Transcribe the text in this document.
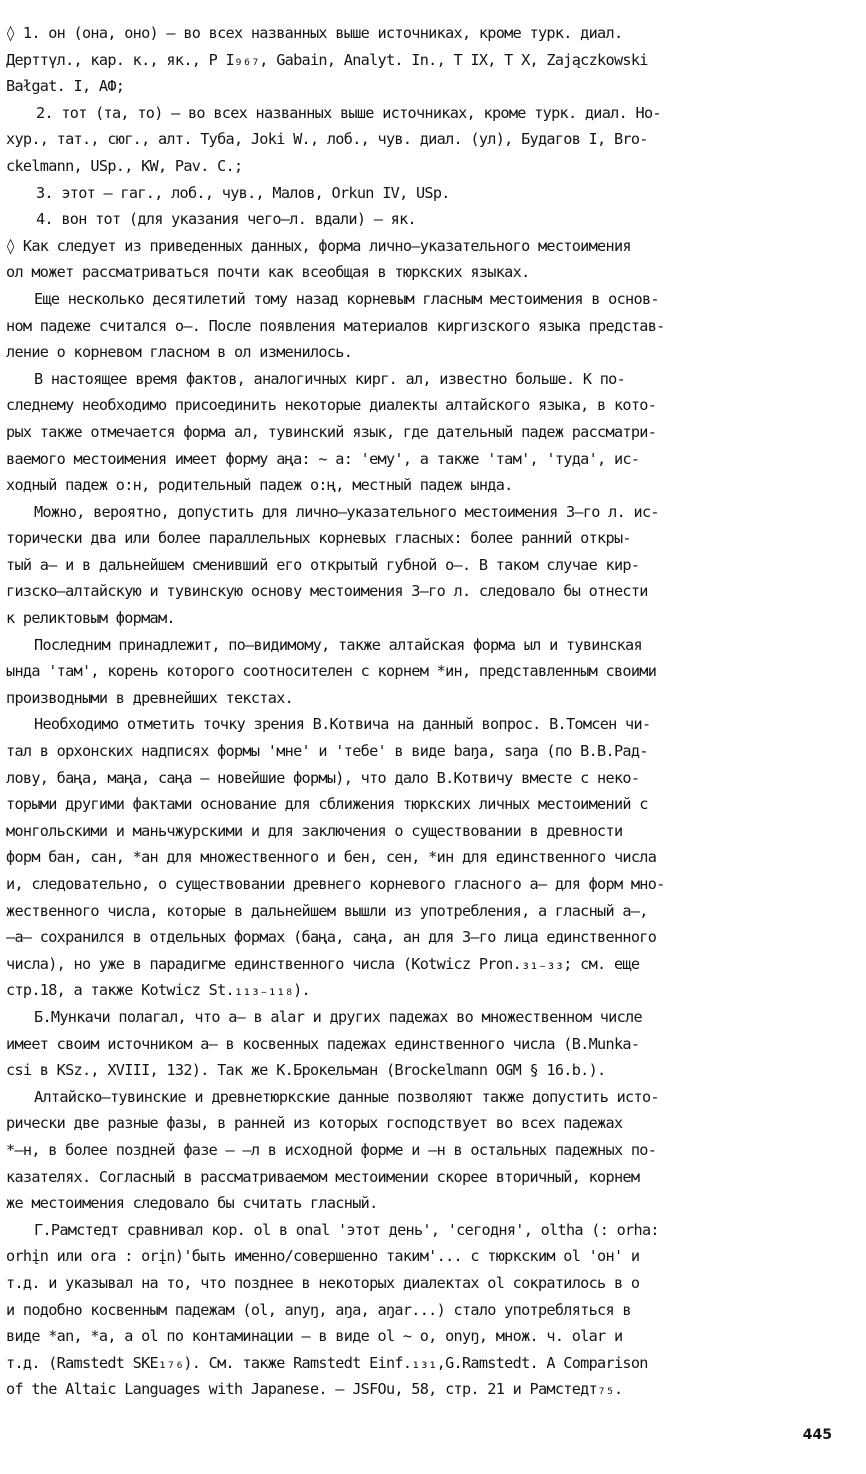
◊ 1. он (она, оно) – во всех названных выше источниках, кроме турк. диал.
Дерттүл., кар. к., як., Р I₉₆₇, Gabain, Analyt. In., Т IX, Т X, Zajączkowski
Bałgat. I, АФ;
2. тот (та, то) – во всех названных выше источниках, кроме турк. диал. Но-
хур., тат., сюг., алт. Туба, Joki W., лоб., чув. диал. (ул), Будагов I, Bro-
ckelmann, USp., KW, Pav. C.;
3. этот – гаг., лоб., чув., Малов, Orkun IV, USp.
4. вон тот (для указания чего–л. вдали) – як.
◊ Как следует из приведенных данных, форма лично–указательного местоимения
ол может рассматриваться почти как всеобщая в тюркских языках.
Еще несколько десятилетий тому назад корневым гласным местоимения в основ-
ном падеже считался о–. После появления материалов киргизского языка представ-
ление о корневом гласном в ол изменилось.
В настоящее время фактов, аналогичных кирг. ал, известно больше. К по-
следнему необходимо присоединить некоторые диалекты алтайского языка, в кото-
рых также отмечается форма ал, тувинский язык, где дательный падеж рассматри-
ваемого местоимения имеет форму аңа: ~ а: 'ему', а также 'там', 'туда', ис-
ходный падеж о:н, родительный падеж о:ң, местный падеж ында.
Можно, вероятно, допустить для лично–указательного местоимения 3–го л. ис-
торически два или более параллельных корневых гласных: более ранний откры-
тый а– и в дальнейшем сменивший его открытый губной о–. В таком случае кир-
гизско–алтайскую и тувинскую основу местоимения 3–го л. следовало бы отнести
к реликтовым формам.
Последним принадлежит, по–видимому, также алтайская форма ыл и тувинская
ында 'там', корень которого соотносителен с корнем *ин, представленным своими
производными в древнейших текстах.
Необходимо отметить точку зрения В.Котвича на данный вопрос. В.Томсен чи-
тал в орхонских надписях формы 'мне' и 'тебе' в виде baŋa, saŋa (по В.В.Рад-
лову, баңа, маңа, саңа – новейшие формы), что дало В.Котвичу вместе с неко-
торыми другими фактами основание для сближения тюркских личных местоимений с
монгольскими и маньчжурскими и для заключения о существовании в древности
форм бан, сан, *ан для множественного и бен, сен, *ин для единственного числа
и, следовательно, о существовании древнего корневого гласного а– для форм мно-
жественного числа, которые в дальнейшем вышли из употребления, а гласный а–,
–а– сохранился в отдельных формах (баңа, саңа, ан для 3–го лица единственного
числа), но уже в парадигме единственного числа (Kotwicz Pron.₃₁₋₃₃; см. еще
стр.18, а также Kotwicz St.₁₁₃₋₁₁₈).
Б.Мункачи полагал, что а– в alar и других падежах во множественном числе
имеет своим источником а– в косвенных падежах единственного числа (B.Munka-
csi в KSz., XVIII, 132). Так же К.Брокельман (Brockelmann OGM § 16.b.).
Алтайско–тувинские и древнетюркские данные позволяют также допустить исто-
рически две разные фазы, в ранней из которых господствует во всех падежах
*–н, в более поздней фазе – –л в исходной форме и –н в остальных падежных по-
казателях. Согласный в рассматриваемом местоимении скорее вторичный, корнем
же местоимения следовало бы считать гласный.
Г.Рамстедт сравнивал кор. ol в onal 'этот день', 'сегодня', oltha (: orha:
orhįn или ora : orįn)'быть именно/совершенно таким'... с тюркским ol 'он' и
т.д. и указывал на то, что позднее в некоторых диалектах ol сократилось в о
и подобно косвенным падежам (ol, anyŋ, aŋa, aŋar...) стало употребляться в
виде *an, *a, а ol по контаминации – в виде ol ~ o, onyŋ, множ. ч. olar и
т.д. (Ramstedt SKE₁₇₆). См. также Ramstedt Einf.₁₃₁,G.Ramstedt. A Comparison
of the Altaic Languages with Japanese. – JSFOu, 58, стр. 21 и Рамстедт₇₅.
445
